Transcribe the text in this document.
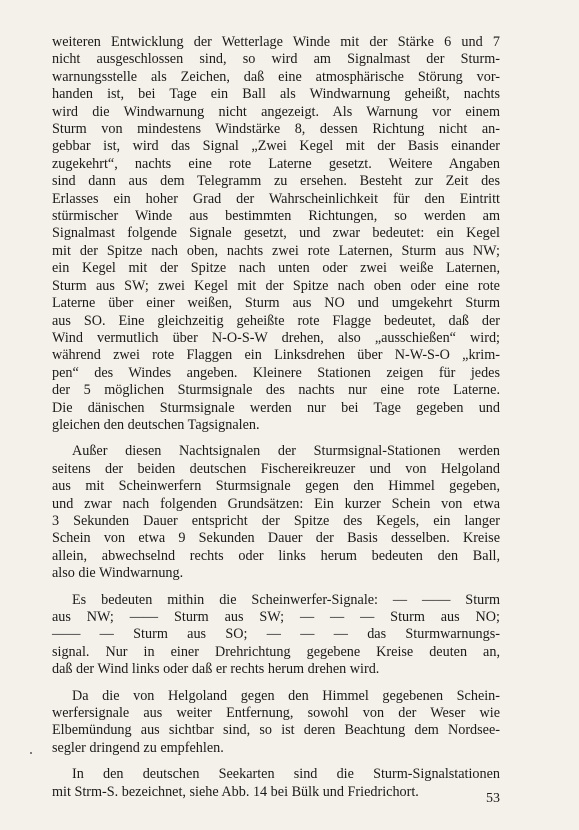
weiteren Entwicklung der Wetterlage Winde mit der Stärke 6 und 7
nicht ausgeschlossen sind, so wird am Signalmast der Sturm-
warnungsstelle als Zeichen, daß eine atmosphärische Störung vor-
handen ist, bei Tage ein Ball als Windwarnung geheißt, nachts
wird die Windwarnung nicht angezeigt. Als Warnung vor einem
Sturm von mindestens Windstärke 8, dessen Richtung nicht an-
gebbar ist, wird das Signal „Zwei Kegel mit der Basis einander
zugekehrt“, nachts eine rote Laterne gesetzt. Weitere Angaben
sind dann aus dem Telegramm zu ersehen. Besteht zur Zeit des
Erlasses ein hoher Grad der Wahrscheinlichkeit für den Eintritt
stürmischer Winde aus bestimmten Richtungen, so werden am
Signalmast folgende Signale gesetzt, und zwar bedeutet: ein Kegel
mit der Spitze nach oben, nachts zwei rote Laternen, Sturm aus NW;
ein Kegel mit der Spitze nach unten oder zwei weiße Laternen,
Sturm aus SW; zwei Kegel mit der Spitze nach oben oder eine rote
Laterne über einer weißen, Sturm aus NO und umgekehrt Sturm
aus SO. Eine gleichzeitig geheißte rote Flagge bedeutet, daß der
Wind vermutlich über N-O-S-W drehen, also „ausschießen“ wird;
während zwei rote Flaggen ein Linksdrehen über N-W-S-O „krim-
pen“ des Windes angeben. Kleinere Stationen zeigen für jedes
der 5 möglichen Sturmsignale des nachts nur eine rote Laterne.
Die dänischen Sturmsignale werden nur bei Tage gegeben und
gleichen den deutschen Tagsignalen.
Außer diesen Nachtsignalen der Sturmsignal-Stationen werden
seitens der beiden deutschen Fischereikreuzer und von Helgoland
aus mit Scheinwerfern Sturmsignale gegen den Himmel gegeben,
und zwar nach folgenden Grundsätzen: Ein kurzer Schein von etwa
3 Sekunden Dauer entspricht der Spitze des Kegels, ein langer
Schein von etwa 9 Sekunden Dauer der Basis desselben. Kreise
allein, abwechselnd rechts oder links herum bedeuten den Ball,
also die Windwarnung.
Es bedeuten mithin die Scheinwerfer-Signale: — —— Sturm
aus NW; —— Sturm aus SW; — — — Sturm aus NO;
—— — Sturm aus SO; — — — das Sturmwarnungs-
signal. Nur in einer Drehrichtung gegebene Kreise deuten an,
daß der Wind links oder daß er rechts herum drehen wird.
Da die von Helgoland gegen den Himmel gegebenen Schein-
werfersignale aus weiter Entfernung, sowohl von der Weser wie
Elbemündung aus sichtbar sind, so ist deren Beachtung dem Nordsee-
segler dringend zu empfehlen.
In den deutschen Seekarten sind die Sturm-Signalstationen
mit Strm-S. bezeichnet, siehe Abb. 14 bei Bülk und Friedrichort.	53
